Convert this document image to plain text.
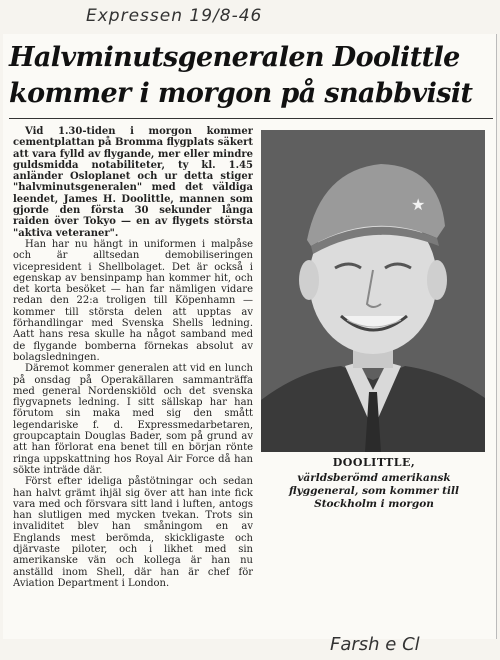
Expressen 19/8-46
Halvminutsgeneralen Doolittle
kommer i morgon på snabbvisit

Vid 1.30-tiden i morgon kommer cementplattan på Bromma flygplats säkert att vara fylld av flygande, mer eller mindre guldsmidda notabiliteter, ty kl. 1.45 anländer Osloplanet och ur detta stiger "halvminutsgeneralen" med det väldiga leendet, James H. Doolittle, mannen som gjorde den första 30 sekunder långa raiden över Tokyo — en av flygets största "aktiva veteraner".

Han har nu hängt in uniformen i malpåse och är alltsedan demobiliseringen vicepresident i Shellbolaget. Det är också i egenskap av bensinpamp han kommer hit, och det korta besöket — han far nämligen vidare redan den 22:a troligen till Köpenhamn — kommer till största delen att upptas av förhandlingar med Svenska Shells ledning. Aatt hans resa skulle ha något samband med de flygande bomberna förnekas absolut av bolagsledningen.

Däremot kommer generalen att vid en lunch på onsdag på Operakällaren sammanträffa med general Nordenskiöld och det svenska flygvapnets ledning. I sitt sällskap har han förutom sin maka med sig den smått legendariske f. d. Expressmedarbetaren, groupcaptain Douglas Bader, som på grund av att han förlorat ena benet till en början rönte ringa uppskattning hos Royal Air Force då han sökte inträde där.

Först efter ideliga påstötningar och sedan han halvt grämt ihjäl sig över att han inte fick vara med och försvara sitt land i luften, antogs han slutligen med mycken tvekan. Trots sin invaliditet blev han småningom en av Englands mest berömda, skickligaste och djärvaste piloter, och i likhet med sin amerikanske vän och kollega är han nu anställd inom Shell, där han är chef för Aviation Department i London.

★
DOOLITTLE,
världsberömd amerikansk flyggeneral, som kommer till Stockholm i morgon
Farsh e Cl
